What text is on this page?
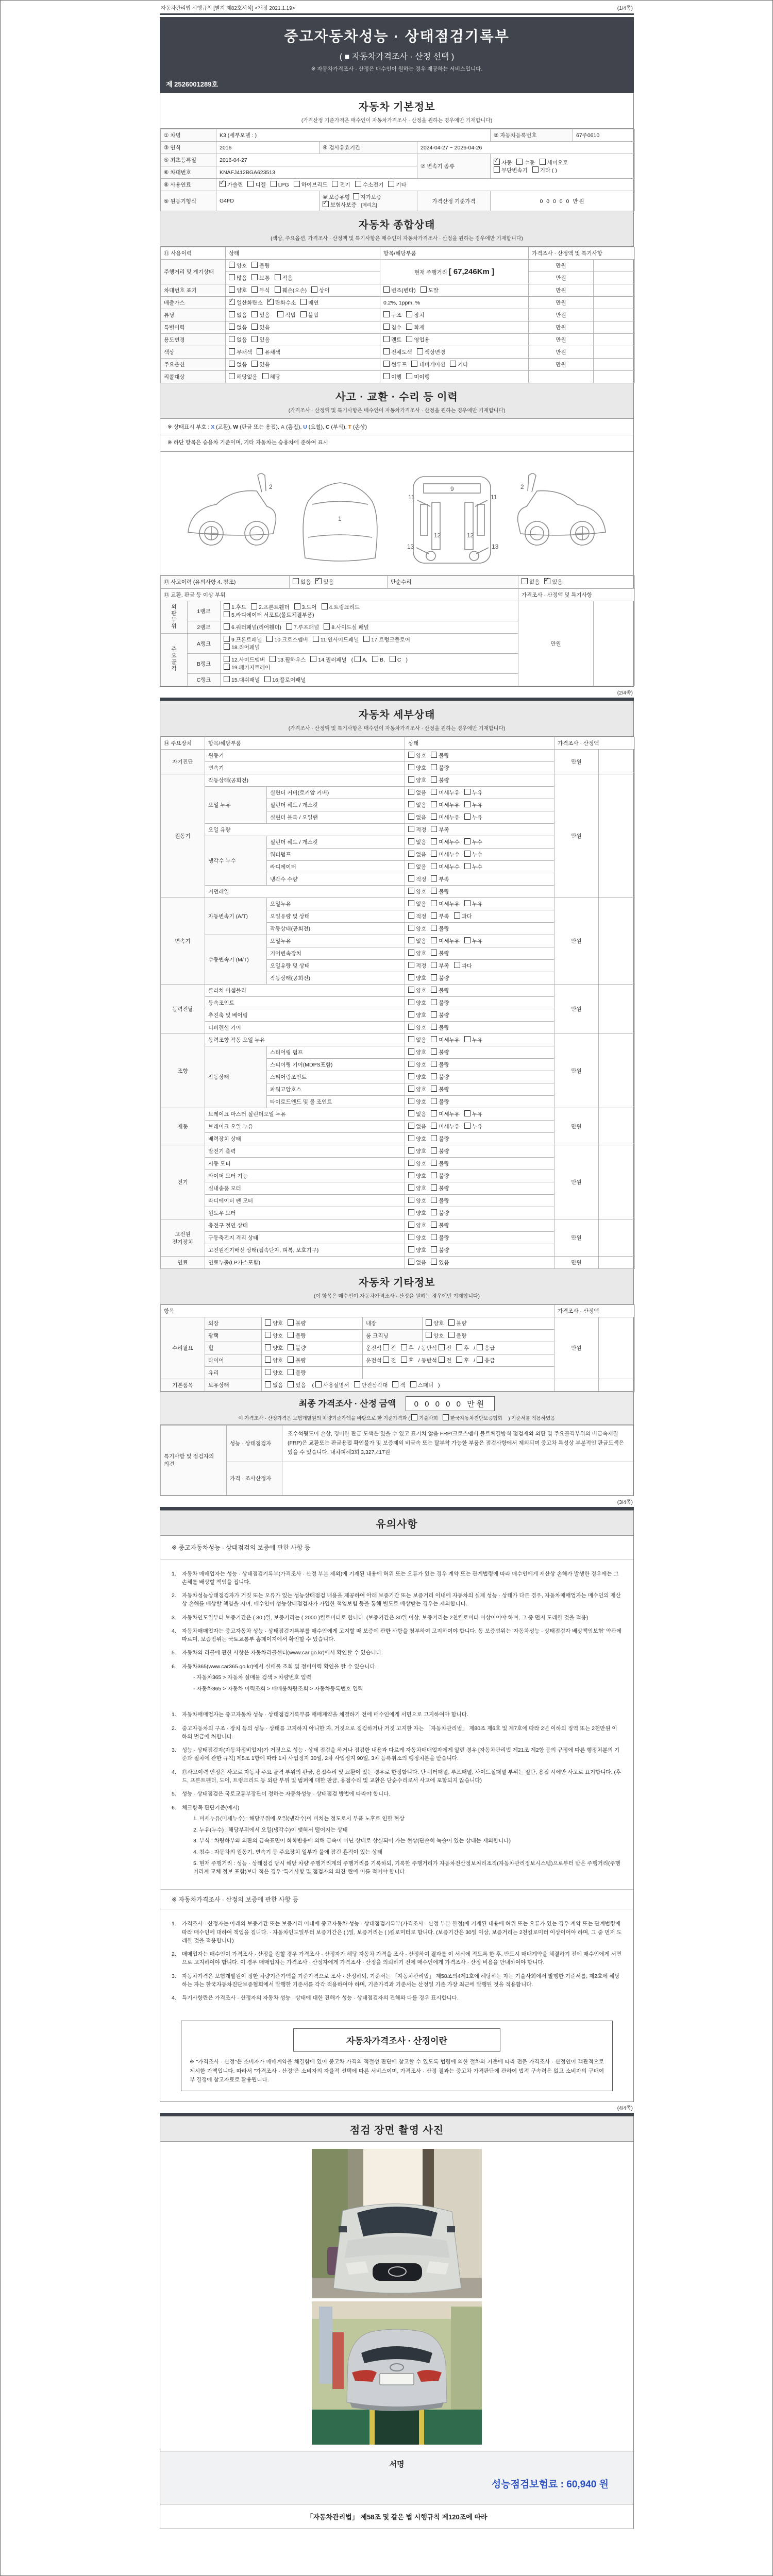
자동차관리법 시행규칙 [별지 제82호서식] <개정 2021.1.19>	(1/4쪽)
중고자동차성능 · 상태점검기록부
( ■ 자동차가격조사 · 산정 선택 )
※ 자동차가격조사 · 산정은 매수인이 원하는 경우 제공하는 서비스입니다.
제 2526001289호
자동차 기본정보
(가격산정 기준가격은 매수인이 자동차가격조사 · 산정을 원하는 경우에만 기재합니다)
① 차명	K3 (세부모델 : )			② 자동차등록번호	67주0610
③ 연식	2016	④ 검사유효기간	2024-04-27 ~ 2026-04-26		
⑤ 최초등록일	2016-04-27		⑦ 변속기 종류	✓자동 수동 세미오토
무단변속기 기타 ( )
⑥ 차대번호	KNAFJ412BGA623513				
⑧ 사용연료	✓가솔린 디젤 LPG 하이브리드 전기 수소전기 기타
⑨ 원동기형식	G4FD	⑩ 보증유형  자가보증✓보험사보증 [메리츠]	가격산정 기준가격	0 0 0 0 0 만원	
자동차 종합상태
(색상, 주요옵션, 가격조사 · 산정액 및 특기사항은 매수인이 자동차가격조사 · 산정을 원하는 경우에만 기재합니다)
⑪ 사용이력	상태	항목/해당부품	가격조사 · 산정액 및 특기사항	
주행거리 및 계기상태	양호 불량	현재 주행거리 [ 67,246Km ]	만원	
	많음 보통 적음		만원	
차대번호 표기	양호 부식 훼손(오손) 상이	변조(변타) 도말	만원	
배출가스	✓일산화탄소 ✓ 탄화수소 매연	0.2%, 1ppm, %	만원	
튜닝	없음 있음 적법 불법	구조 장치	만원	
특별이력	없음 있음	침수 화재	만원	
용도변경	없음 있음	렌트 영업용	만원	
색상	무채색 유채색	전체도색 색상변경	만원	
주요옵션	없음 있음	썬루프 네비게이션 기타	만원	
리콜대상	해당없음 해당	이행 미이행		
사고 · 교환 · 수리 등 이력
(가격조사 · 산정액 및 특기사항은 매수인이 자동차가격조사 · 산정을 원하는 경우에만 기재합니다)
※ 상태표시 부호 : X (교환), W (판금 또는 용접), A (흠집), U (요철), C (부식), T (손상)
※ 하단 항목은 승용차 기준이며, 기타 자동차는 승용차에 준하여 표시
2
1
9
11	11
12	12
13	13
2
⑫ 사고이력 (유의사항 4. 참조)	없음 ✓ 있음	단순수리	없음 ✓ 있음
⑬ 교환, 판금 등 이상 부위			가격조사 · 산정액 및 특기사항	
외판부위	1랭크	1.후드 2.프론트휀더 3.도어 4.트렁크리드
5.라디에이터 서포트(볼트체결부품)	만원	
	2랭크	6.쿼터패널(리어휀더) 7.루프패널 8.사이드실 패널		
주요골격	A랭크	9.프론트패널 10.크로스멤버 11.인사이드패널 17.트렁크플로어
18.리어패널		
	B랭크	12.사이드멤버 13.휠하우스 14.필러패널 ( A, B, C )
19.패키지트레이		
	C랭크	15.대쉬패널 16.플로어패널		
(2/4쪽)
자동차 세부상태
(가격조사 · 산정액 및 특기사항은 매수인이 자동차가격조사 · 산정을 원하는 경우에만 기재합니다)
⑭ 주요장치	항목/해당부품		상태	가격조사 · 산정액	
자기진단	원동기		양호 불량	만원	
	변속기		양호 불량		
원동기	작동상태(공회전)		양호 불량	만원	
	오일 누유	실린더 커버(로커암 커버)	없음 미세누유 누유		
		실린더 헤드 / 개스킷	없음 미세누유 누유		
		실린더 블록 / 오일팬	없음 미세누유 누유		
	오일 유량		적정 부족		
	냉각수 누수	실린더 헤드 / 개스킷	없음 미세누수 누수		
		워터펌프	없음 미세누수 누수		
		라디에이터	없음 미세누수 누수		
		냉각수 수량	적정 부족		
	커먼레일		양호 불량		
변속기	자동변속기 (A/T)	오일누유	없음 미세누유 누유	만원	
		오일유량 및 상태	적정 부족 과다		
		작동상태(공회전)	양호 불량		
	수동변속기 (M/T)	오일누유	없음 미세누유 누유		
		기어변속장치	양호 불량		
		오일유량 및 상태	적정 부족 과다		
		작동상태(공회전)	양호 불량		
동력전달	클러치 어셈블리		양호 불량	만원	
	등속조인트		양호 불량		
	추진축 및 베어링		양호 불량		
	디퍼렌셜 기어		양호 불량		
조향	동력조향 작동 오일 누유		없음 미세누유 누유	만원	
	작동상태	스티어링 펌프	양호 불량		
		스티어링 기어(MDPS포함)	양호 불량		
		스티어링조인트	양호 불량		
		파워고압호스	양호 불량		
		타이로드엔드 및 볼 조인트	양호 불량		
제동	브레이크 마스터 실린더오일 누유		없음 미세누유 누유	만원	
	브레이크 오일 누유		없음 미세누유 누유		
	배력장치 상태		양호 불량		
전기	발전기 출력		양호 불량	만원	
	시동 모터		양호 불량		
	와이퍼 모터 기능		양호 불량		
	실내송풍 모터		양호 불량		
	라디에이터 팬 모터		양호 불량		
	윈도우 모터		양호 불량		
고전원 전기장치	충전구 절연 상태		양호 불량	만원	
	구동축전지 격리 상태		양호 불량		
	고전원전기배선 상태(접속단자, 피복, 보호기구)		양호 불량		
연료	연료누출(LP가스포함)		없음 있음	만원	
자동차 기타정보
(이 항목은 매수인이 자동차가격조사 · 산정을 원하는 경우에만 기재합니다)
항목					가격조사 · 산정액	
수리필요	외장	양호 불량	내장	양호 불량	만원	
	광택	양호 불량	룸 크리닝	양호 불량		
	휠	양호 불량	운전석 전 후 / 동반석 전 후 / 응급			
	타이어	양호 불량	운전석 전 후 / 동반석 전 후 / 응급			
	유리	양호 불량				
기본품목	보유상태	없음 있음 ( 사용설명서 안전삼각대 잭 스패너 )				
최종 가격조사 · 산정 금액 0 0 0 0 0 만원
이 가격조사 · 산정가격은 보험개발원의 차량기준가액을 바탕으로 한 기준가격과 ( 기술사회	한국자동차진단보증협회 ) 기준서를 적용하였음
특기사항 및 점검자의 의견	성능 · 상태점검자	조수석뒷도어 손상, 경미한 판금 도색은 있을 수 있고 표기치 않음 FRP/크로스멤버 볼트체결방식 점검제외 외판 및 주요골격부위의 비금속재질(FRP)은 교환또는 판금용접 확인불가 및 보증제외 비금속 또는 탈부착 가능한 부품은 점검사항에서 제외되며 중고차 특성상 부분적인 판금도색은 있을 수 있습니다. 내차피해3회 3,327,417원
	가격 · 조사산정자	
(3/4쪽)
유의사항
※ 중고자동차성능 · 상태점검의 보증에 관한 사항 등
1.	자동차 매매업자는 성능 · 상태점검기록부(가격조사 · 산정 부분 제외)에 기재된 내용에 허위 또는 오류가 있는 경우 계약 또는 관계법령에 따라 매수인에게 재산상 손해가 발생한 경우에는 그 손해를 배상할 책임을 집니다.
2.	자동차성능상태점검자가 거짓 또는 오류가 있는 성능상태점검 내용을 제공하여 아래 보증기간 또는 보증거리 이내에 자동차의 실제 성능 · 상태가 다른 경우, 자동차매매업자는 매수인의 재산상 손해를 배상할 책임을 지며, 매수인이 성능상태점검자가 가입한 책임보험 등을 통해 별도로 배상받는 경우는 제외합니다.
3.	자동차인도일부터 보증기간은 ( 30 )일, 보증거리는 ( 2000 )킬로미터로 합니다. (보증기간은 30일 이상, 보증거리는 2천킬로미터 이상이어야 하며, 그 중 먼저 도래한 것을 적용)
4.	자동차매매업자는 중고자동차 성능 · 상태점검기록부를 매수인에게 고지할 때 보증에 관한 사항을 첨부하여 고지하여야 합니다. 동 보증범위는 '자동차성능 · 상태점검자 배상책임보험' 약관에 따르며, 보증범위는 국토교통부 홈페이지에서 확인할 수 있습니다.
5.	자동차의 리콜에 관한 사항은 자동차리콜센터(www.car.go.kr)에서 확인할 수 있습니다.
6.	자동차365(www.car365.go.kr)에서 실매물 조회 및 정비이력 확인을 할 수 있습니다.
- 자동차365 > 자동차 실매물 검색 > 차량번호 입력
- 자동차365 > 자동차 이력조회 > 매매용차량조회 > 자동차등록번호 입력
1.	자동차매매업자는 중고자동차 성능 · 상태점검기록부를 매매계약을 체결하기 전에 매수인에게 서면으로 고지하여야 합니다.
2.	중고자동차의 구조 · 장치 등의 성능 · 상태를 고지하지 아니한 자, 거짓으로 점검하거나 거짓 고지한 자는 「자동차관리법」 제80조 제6호 및 제7호에 따라 2년 이하의 징역 또는 2천만원 이하의 벌금에 처합니다.
3.	성능 · 상태점검자(자동차정비업자)가 거짓으로 성능 · 상태 점검을 하거나 점검한 내용과 다르게 자동차매매업자에게 알린 경우 [자동차관리법 제21조 제2항 등의 규정에 따른 행정처분의 기준과 절차에 관한 규칙] 제5조 1항에 따라 1차 사업정지 30일, 2차 사업정지 90일, 3차 등록취소의 행정처분을 받습니다.
4.	⑫사고이력 인정은 사고로 자동차 주요 골격 부위의 판금, 용접수리 및 교환이 있는 경우로 한정합니다. 단 쿼터패널, 루프패널, 사이드실패널 부위는 절단, 용접 시에만 사고로 표기합니다. (후드, 프론트펜더, 도어, 트렁크리드 등 외판 부위 및 범퍼에 대한 판금, 용접수리 및 교환은 단순수리로서 사고에 포함되지 않습니다)
5.	성능 · 상태점검은 국토교통부장관이 정하는 자동차성능 · 상태점검 방법에 따라야 합니다.
6.	체크항목 판단기준(예시)
1. 미세누유(미세누수) : 해당부위에 오일(냉각수)이 비치는 정도로서 부품 노후로 인한 현상
2. 누유(누수) : 해당부위에서 오일(냉각수)이 맺혀서 떨어지는 상태
3. 부식 : 차량하부와 외판의 금속표면이 화학반응에 의해 금속이 아닌 상태로 상실되어 가는 현상(단순히 녹슬어 있는 상태는 제외합니다)
4. 침수 : 자동차의 원동기, 변속기 등 주요장치 일부가 물에 잠긴 흔적이 있는 상태
5. 현재 주행거리 : 성능 · 상태점검 당시 해당 차량 주행거리계의 주행거리를 기록하되, 기록한 주행거리가 자동차전산정보처리조직(자동차관리정보시스템)으로부터 받은 주행거리(주행거리계 교체 정보 포함)보다 적은 경우 '특기사항 및 점검자의 의견' 란에 이를 적어야 합니다.
※ 자동차가격조사 · 산정의 보증에 관한 사항 등
1.	가격조사 · 산정자는 아래의 보증기간 또는 보증거리 이내에 중고자동차 성능 · 상태점검기록부(가격조사 · 산정 부분 한정)에 기재된 내용에 허위 또는 오류가 있는 경우 계약 또는 관계법령에 따라 매수인에 대하여 책임을 집니다. · 자동차인도일부터 보증기간은 ( )일, 보증거리는 ( )킬로미터로 합니다. (보증기간은 30일 이상, 보증거리는 2천킬로미터 이상이어야 하며, 그 중 먼저 도래한 것을 적용합니다)
2.	매매업자는 매수인이 가격조사 · 산정을 원할 경우 가격조사 · 산정자가 해당 자동차 가격을 조사 · 산정하여 결과를 이 서식에 적도록 한 후, 반드시 매매계약을 체결하기 전에 매수인에게 서면으로 고지하여야 합니다. 이 경우 매매업자는 가격조사 · 산정자에게 가격조사 · 산정을 의뢰하기 전에 매수인에게 가격조사 · 산정 비용을 안내하여야 합니다.
3.	자동차가격은 보험개발원이 정한 차량기준가액을 기준가격으로 조사 · 산정하되, 기준서는 「자동차관리법」 제58조의4제1호에 해당하는 자는 기술사회에서 발행한 기준서를, 제2호에 해당하는 자는 한국자동차진단보증협회에서 발행한 기준서를 각각 적용하여야 하며, 기준가격과 기준서는 산정일 기준 가장 최근에 발행된 것을 적용합니다.
4.	특기사항란은 가격조사 · 산정자의 자동차 성능 · 상태에 대한 견해가 성능 · 상태점검자의 견해와 다를 경우 표시합니다.
자동차가격조사 · 산정이란
※ "가격조사 · 산정"은 소비자가 매매계약을 체결함에 있어 중고차 가격의 적절성 판단에 참고할 수 있도록 법령에 의한 절차와 기준에 따라 전문 가격조사 · 산정인이 객관적으로 제시한 가액입니다. 따라서 "가격조사 · 산정"은 소비자의 자율적 선택에 따른 서비스이며, 가격조사 · 산정 결과는 중고차 가격판단에 관하여 법적 구속력은 없고 소비자의 구매여부 결정에 참고자료로 활용됩니다.
(4/4쪽)
점검 장면 촬영 사진
서명
성능점검보험료 : 60,940 원
「자동차관리법」 제58조 및 같은 법 시행규칙 제120조에 따라
